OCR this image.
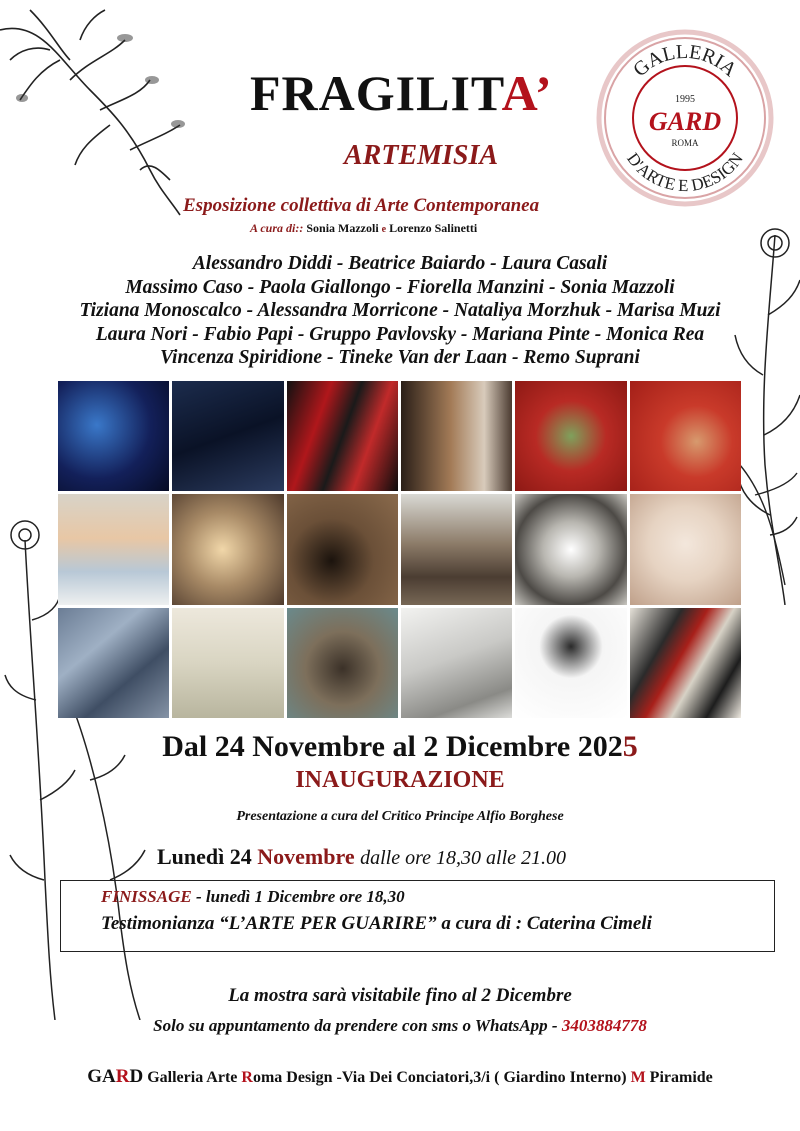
FRAGILITA’
ARTEMISIA
GALLERIA
D'ARTE E DESIGN
1995
GARD
ROMA
Esposizione collettiva di Arte Contemporanea
A cura di:: Sonia Mazzoli e Lorenzo Salinetti
Alessandro Diddi - Beatrice Baiardo - Laura Casali
Massimo Caso - Paola Giallongo - Fiorella Manzini - Sonia Mazzoli
Tiziana Monoscalco - Alessandra Morricone - Nataliya Morzhuk - Marisa Muzi
Laura Nori - Fabio Papi - Gruppo Pavlovsky - Mariana Pinte - Monica Rea
Vincenza Spiridione - Tineke Van der Laan - Remo Suprani
Dal 24 Novembre al 2 Dicembre 2025
INAUGURAZIONE
Presentazione a cura del Critico Principe Alfio Borghese
Lunedì 24 Novembre dalle ore 18,30 alle 21.00
FINISSAGE - lunedì 1 Dicembre ore 18,30
Testimonianza “L’ARTE PER GUARIRE” a cura di : Caterina Cimeli
La mostra sarà visitabile fino al 2 Dicembre
Solo su appuntamento da prendere con sms o WhatsApp - 3403884778
GARD Galleria Arte Roma Design -Via Dei Conciatori,3/i ( Giardino Interno) M Piramide
